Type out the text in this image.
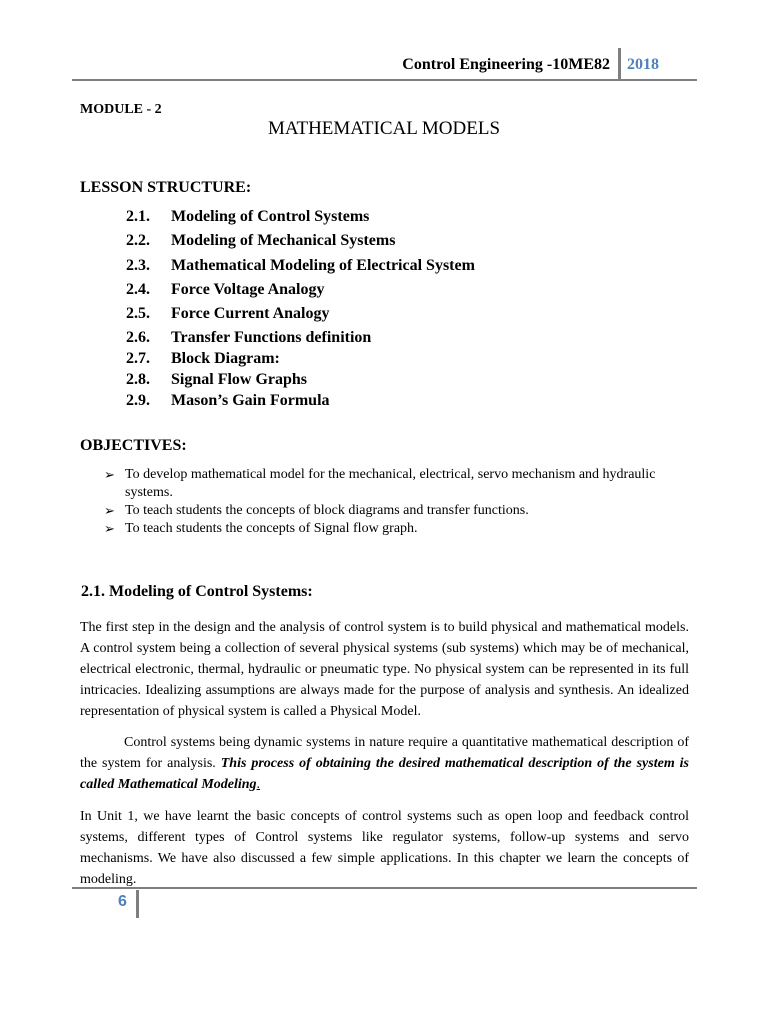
Control Engineering -10ME82 2018
MODULE - 2
MATHEMATICAL MODELS
LESSON STRUCTURE:
2.1. Modeling of Control Systems
2.2. Modeling of Mechanical Systems
2.3. Mathematical Modeling of Electrical System
2.4. Force Voltage Analogy
2.5. Force Current Analogy
2.6. Transfer Functions definition
2.7. Block Diagram:
2.8. Signal Flow Graphs
2.9. Mason’s Gain Formula
OBJECTIVES:
➢ To develop mathematical model for the mechanical, electrical, servo mechanism and hydraulic systems.
➢ To teach students the concepts of block diagrams and transfer functions.
➢ To teach students the concepts of Signal flow graph.
2.1. Modeling of Control Systems:

The first step in the design and the analysis of control system is to build physical and mathematical models. A control system being a collection of several physical systems (sub systems) which may be of mechanical, electrical electronic, thermal, hydraulic or pneumatic type. No physical system can be represented in its full intricacies. Idealizing assumptions are always made for the purpose of analysis and synthesis. An idealized representation of physical system is called a Physical Model.

Control systems being dynamic systems in nature require a quantitative mathematical description of the system for analysis. This process of obtaining the desired mathematical description of the system is called Mathematical Modeling.

In Unit 1, we have learnt the basic concepts of control systems such as open loop and feedback control systems, different types of Control systems like regulator systems, follow-up systems and servo mechanisms. We have also discussed a few simple applications. In this chapter we learn the concepts of modeling.

6
